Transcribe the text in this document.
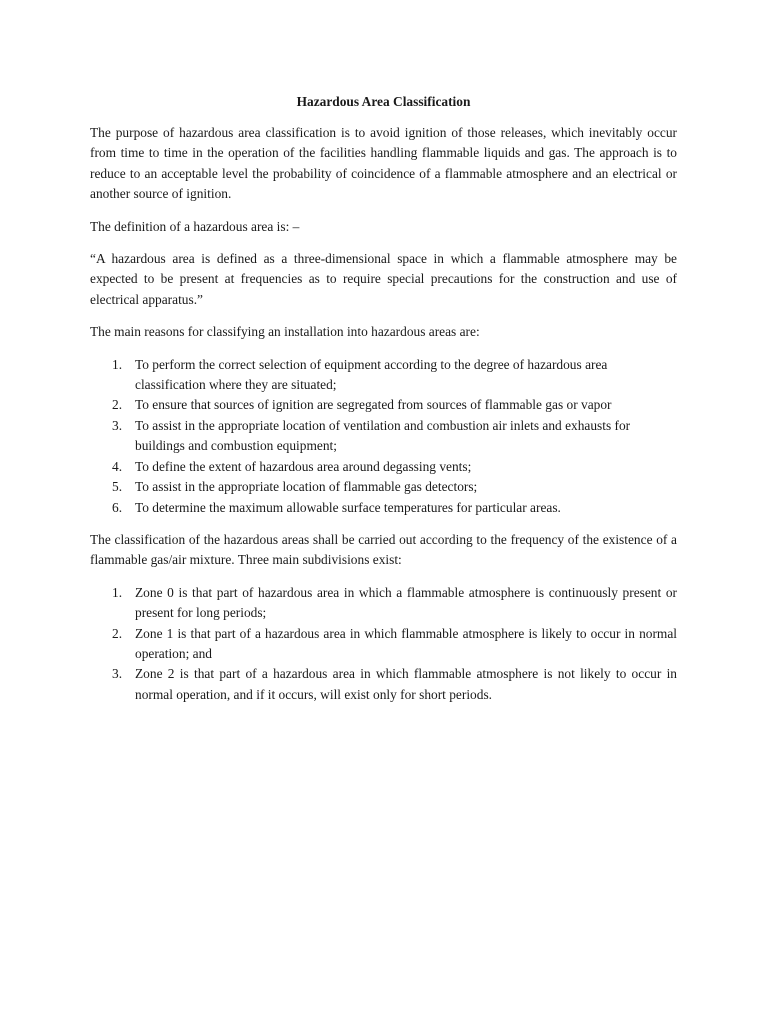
Hazardous Area Classification

The purpose of hazardous area classification is to avoid ignition of those releases, which inevitably occur from time to time in the operation of the facilities handling flammable liquids and gas. The approach is to reduce to an acceptable level the probability of coincidence of a flammable atmosphere and an electrical or another source of ignition.

The definition of a hazardous area is: –

“A hazardous area is defined as a three-dimensional space in which a flammable atmosphere may be expected to be present at frequencies as to require special precautions for the construction and use of electrical apparatus.”

The main reasons for classifying an installation into hazardous areas are:

1. To perform the correct selection of equipment according to the degree of hazardous area classification where they are situated;
2. To ensure that sources of ignition are segregated from sources of flammable gas or vapor
3. To assist in the appropriate location of ventilation and combustion air inlets and exhausts for buildings and combustion equipment;
4. To define the extent of hazardous area around degassing vents;
5. To assist in the appropriate location of flammable gas detectors;
6. To determine the maximum allowable surface temperatures for particular areas.

The classification of the hazardous areas shall be carried out according to the frequency of the existence of a flammable gas/air mixture. Three main subdivisions exist:

1. Zone 0 is that part of hazardous area in which a flammable atmosphere is continuously present or present for long periods;
2. Zone 1 is that part of a hazardous area in which flammable atmosphere is likely to occur in normal operation; and
3. Zone 2 is that part of a hazardous area in which flammable atmosphere is not likely to occur in normal operation, and if it occurs, will exist only for short periods.
